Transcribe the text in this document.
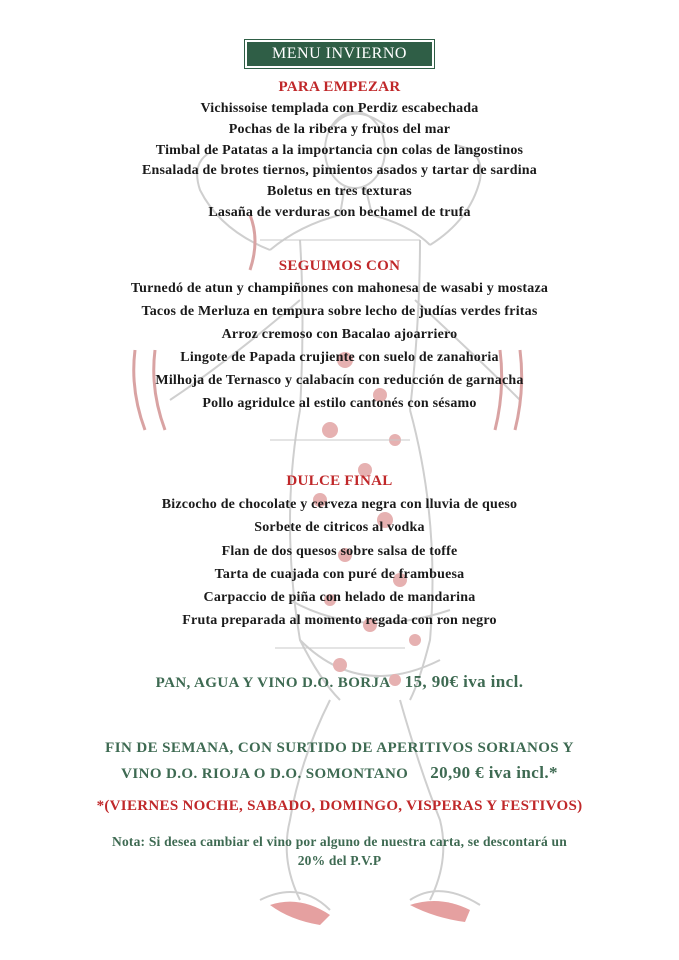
MENU INVIERNO
PARA EMPEZAR
Vichissoise templada con Perdiz escabechada
Pochas de la ribera y frutos del mar
Timbal de Patatas a la importancia con colas de langostinos
Ensalada de brotes tiernos, pimientos asados y tartar de sardina
Boletus en tres texturas
Lasaña de verduras con bechamel de trufa
SEGUIMOS CON
Turnedó de atun y champiñones con mahonesa de wasabi y mostaza
Tacos de Merluza en tempura sobre lecho de judías verdes fritas
Arroz cremoso con Bacalao ajoarriero
Lingote de Papada crujiente con suelo de zanahoria
Milhoja de Ternasco y calabacín con reducción de garnacha
Pollo agridulce al estilo cantonés con sésamo
DULCE FINAL
Bizcocho de chocolate y cerveza negra con lluvia de queso
Sorbete de citricos al vodka
Flan de dos quesos sobre salsa de toffe
Tarta de cuajada con puré de frambuesa
Carpaccio de piña con helado de mandarina
Fruta preparada al momento regada con ron negro
PAN, AGUA Y VINO D.O. BORJA 15, 90€ iva incl.
FIN DE SEMANA, CON SURTIDO DE APERITIVOS SORIANOS Y
VINO D.O. RIOJA O D.O. SOMONTANO 20,90 € iva incl.*
*(VIERNES NOCHE, SABADO, DOMINGO, VISPERAS Y FESTIVOS)
Nota: Si desea cambiar el vino por alguno de nuestra carta, se descontará un
20% del P.V.P
